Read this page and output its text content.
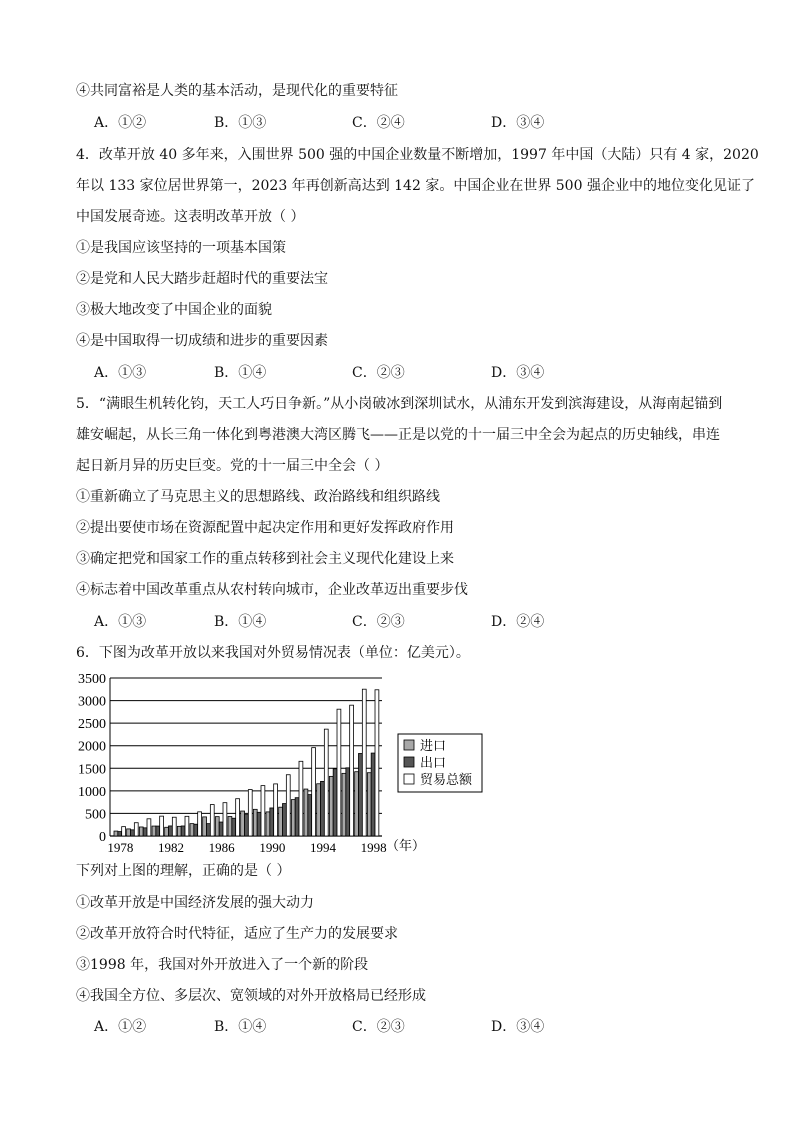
④共同富裕是人类的基本活动，是现代化的重要特征
A．①②	B．①③	C．②④	D．③④
4．改革开放 40 多年来，入围世界 500 强的中国企业数量不断增加，1997 年中国（大陆）只有 4 家，2020
年以 133 家位居世界第一，2023 年再创新高达到 142 家。中国企业在世界 500 强企业中的地位变化见证了
中国发展奇迹。这表明改革开放（ ）
①是我国应该坚持的一项基本国策
②是党和人民大踏步赶超时代的重要法宝
③极大地改变了中国企业的面貌
④是中国取得一切成绩和进步的重要因素
A．①③	B．①④	C．②③	D．③④
5．“满眼生机转化钧，天工人巧日争新。”从小岗破冰到深圳试水，从浦东开发到滨海建设，从海南起锚到
雄安崛起，从长三角一体化到粤港澳大湾区腾飞——正是以党的十一届三中全会为起点的历史轴线，串连
起日新月异的历史巨变。党的十一届三中全会（ ）
①重新确立了马克思主义的思想路线、政治路线和组织路线
②提出要使市场在资源配置中起决定作用和更好发挥政府作用
③确定把党和国家工作的重点转移到社会主义现代化建设上来
④标志着中国改革重点从农村转向城市，企业改革迈出重要步伐
A．①③	B．①④	C．②③	D．②④
6．下图为改革开放以来我国对外贸易情况表（单位：亿美元）。
0
500
1000
1500
2000
2500
3000
3500
1978 1982 1986 1990 1994 1998 （年）
进口
出口
贸易总额
下列对上图的理解，正确的是（ ）
①改革开放是中国经济发展的强大动力
②改革开放符合时代特征，适应了生产力的发展要求
③1998 年，我国对外开放进入了一个新的阶段
④我国全方位、多层次、宽领域的对外开放格局已经形成
A．①②	B．①④	C．②③	D．③④
